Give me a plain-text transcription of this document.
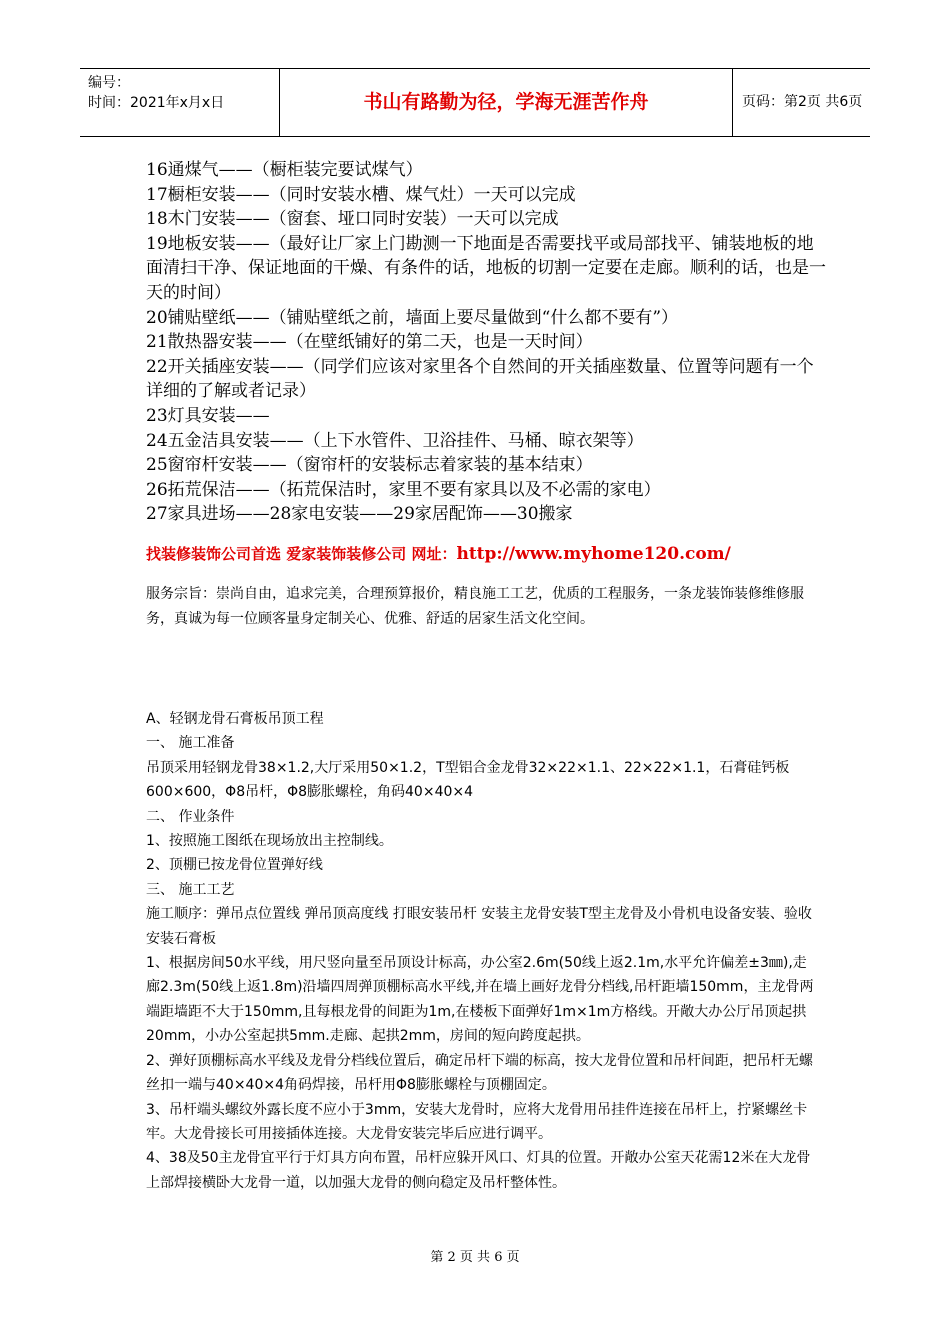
编号：
时间：2021年x月x日	书山有路勤为径，学海无涯苦作舟	页码：第2页 共6页

16通煤气——（橱柜装完要试煤气）

17橱柜安装——（同时安装水槽、煤气灶）一天可以完成

18木门安装——（窗套、垭口同时安装）一天可以完成

19地板安装——（最好让厂家上门勘测一下地面是否需要找平或局部找平、铺装地板的地面清扫干净、保证地面的干燥、有条件的话，地板的切割一定要在走廊。顺利的话，也是一天的时间）

20铺贴壁纸——（铺贴壁纸之前，墙面上要尽量做到“什么都不要有”）

21散热器安装——（在壁纸铺好的第二天，也是一天时间）

22开关插座安装——（同学们应该对家里各个自然间的开关插座数量、位置等问题有一个详细的了解或者记录）

23灯具安装——

24五金洁具安装——（上下水管件、卫浴挂件、马桶、晾衣架等）

25窗帘杆安装——（窗帘杆的安装标志着家装的基本结束）

26拓荒保洁——（拓荒保洁时，家里不要有家具以及不必需的家电）

27家具进场——28家电安装——29家居配饰——30搬家

找装修装饰公司首选 爱家装饰装修公司 网址：http://www.myhome120.com/
服务宗旨：崇尚自由，追求完美，合理预算报价，精良施工工艺，优质的工程服务，一条龙装饰装修维修服务，真诚为每一位顾客量身定制关心、优雅、舒适的居家生活文化空间。

A、轻钢龙骨石膏板吊顶工程

一、 施工准备

吊顶采用轻钢龙骨38×1.2,大厅采用50×1.2，T型铝合金龙骨32×22×1.1、22×22×1.1，石膏硅钙板600×600，Φ8吊杆，Φ8膨胀螺栓，角码40×40×4

二、 作业条件

1、按照施工图纸在现场放出主控制线。

2、顶棚已按龙骨位置弹好线

三、 施工工艺

施工顺序：弹吊点位置线 弹吊顶高度线 打眼安装吊杆 安装主龙骨安装T型主龙骨及小骨机电设备安装、验收 安装石膏板

1、根据房间50水平线，用尺竖向量至吊顶设计标高，办公室2.6m(50线上返2.1m,水平允许偏差±3㎜),走廊2.3m(50线上返1.8m)沿墙四周弹顶棚标高水平线,并在墙上画好龙骨分档线,吊杆距墙150mm，主龙骨两端距墙距不大于150mm,且每根龙骨的间距为1m,在楼板下面弹好1m×1m方格线。开敞大办公厅吊顶起拱20mm，小办公室起拱5mm.走廊、起拱2mm，房间的短向跨度起拱。

2、弹好顶棚标高水平线及龙骨分档线位置后，确定吊杆下端的标高，按大龙骨位置和吊杆间距，把吊杆无螺丝扣一端与40×40×4角码焊接，吊杆用Φ8膨胀螺栓与顶棚固定。

3、吊杆端头螺纹外露长度不应小于3mm，安装大龙骨时，应将大龙骨用吊挂件连接在吊杆上，拧紧螺丝卡牢。大龙骨接长可用接插体连接。大龙骨安装完毕后应进行调平。

4、38及50主龙骨宜平行于灯具方向布置，吊杆应躲开风口、灯具的位置。开敞办公室天花需12米在大龙骨上部焊接横卧大龙骨一道，以加强大龙骨的侧向稳定及吊杆整体性。

第 2 页 共 6 页
